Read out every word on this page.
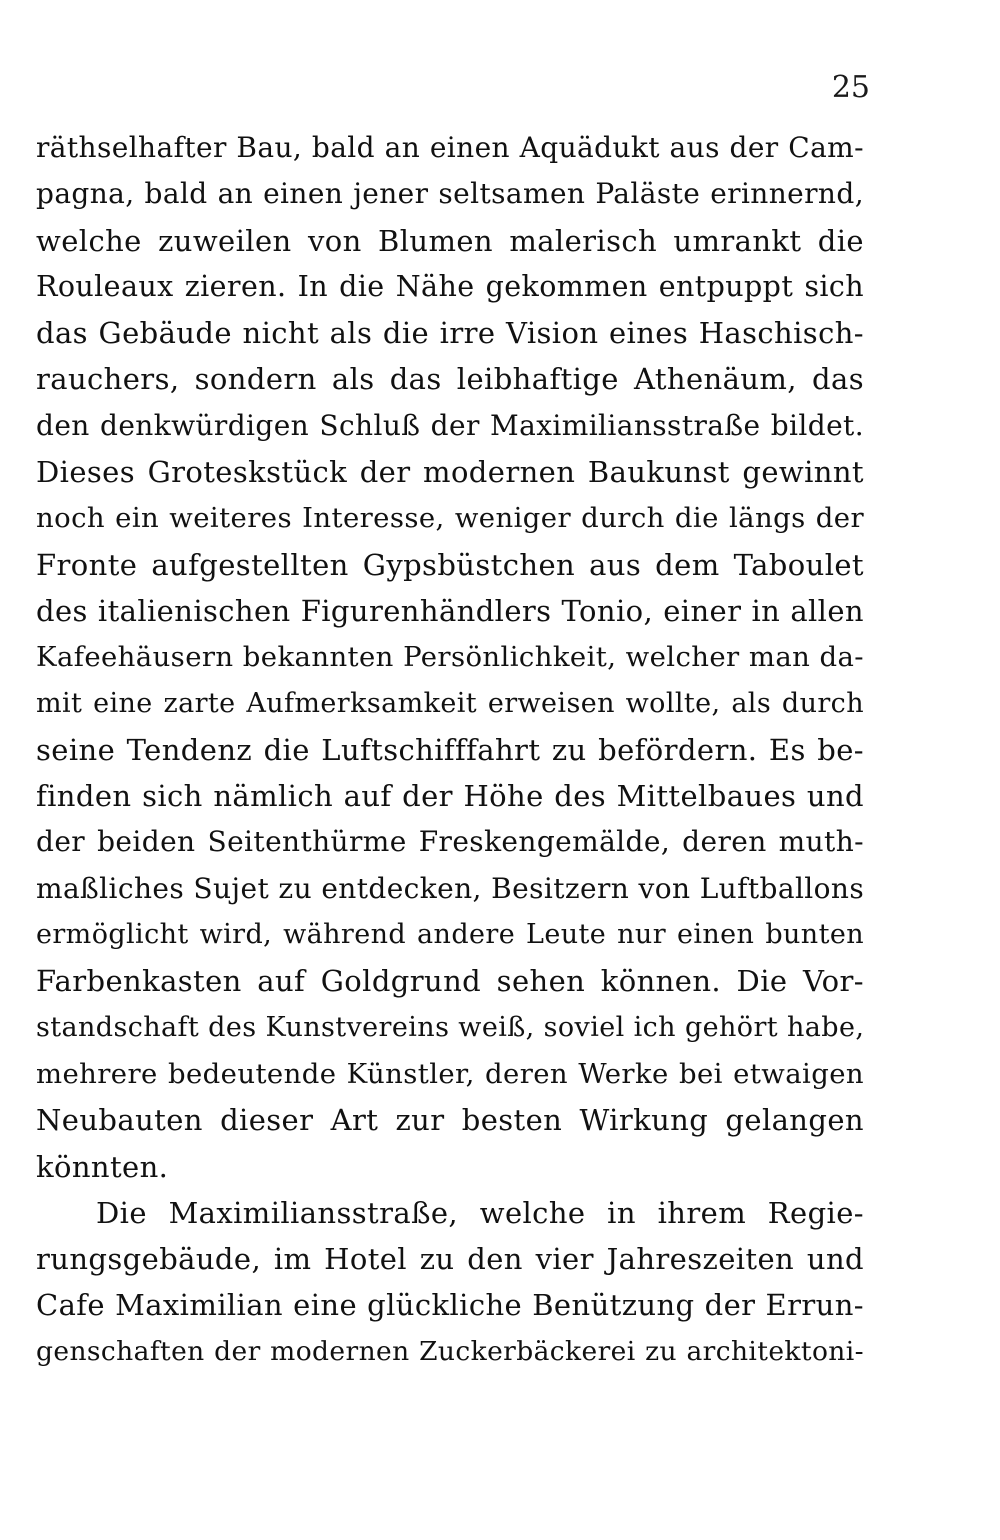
25
räthselhafter Bau, bald an einen Aquädukt aus der Cam-
pagna, bald an einen jener seltsamen Paläste erinnernd,
welche zuweilen von Blumen malerisch umrankt die
Rouleaux zieren. In die Nähe gekommen entpuppt sich
das Gebäude nicht als die irre Vision eines Haschisch-
rauchers, sondern als das leibhaftige Athenäum, das
den denkwürdigen Schluß der Maximiliansstraße bildet.
Dieses Groteskstück der modernen Baukunst gewinnt
noch ein weiteres Interesse, weniger durch die längs der
Fronte aufgestellten Gypsbüstchen aus dem Taboulet
des italienischen Figurenhändlers Tonio, einer in allen
Kafeehäusern bekannten Persönlichkeit, welcher man da-
mit eine zarte Aufmerksamkeit erweisen wollte, als durch
seine Tendenz die Luftschifffahrt zu befördern. Es be-
finden sich nämlich auf der Höhe des Mittelbaues und
der beiden Seitenthürme Freskengemälde, deren muth-
maßliches Sujet zu entdecken, Besitzern von Luftballons
ermöglicht wird, während andere Leute nur einen bunten
Farbenkasten auf Goldgrund sehen können. Die Vor-
standschaft des Kunstvereins weiß, soviel ich gehört habe,
mehrere bedeutende Künstler, deren Werke bei etwaigen
Neubauten dieser Art zur besten Wirkung gelangen
könnten.
Die Maximiliansstraße, welche in ihrem Regie-
rungsgebäude, im Hotel zu den vier Jahreszeiten und
Cafe Maximilian eine glückliche Benützung der Errun-
genschaften der modernen Zuckerbäckerei zu architektoni-
